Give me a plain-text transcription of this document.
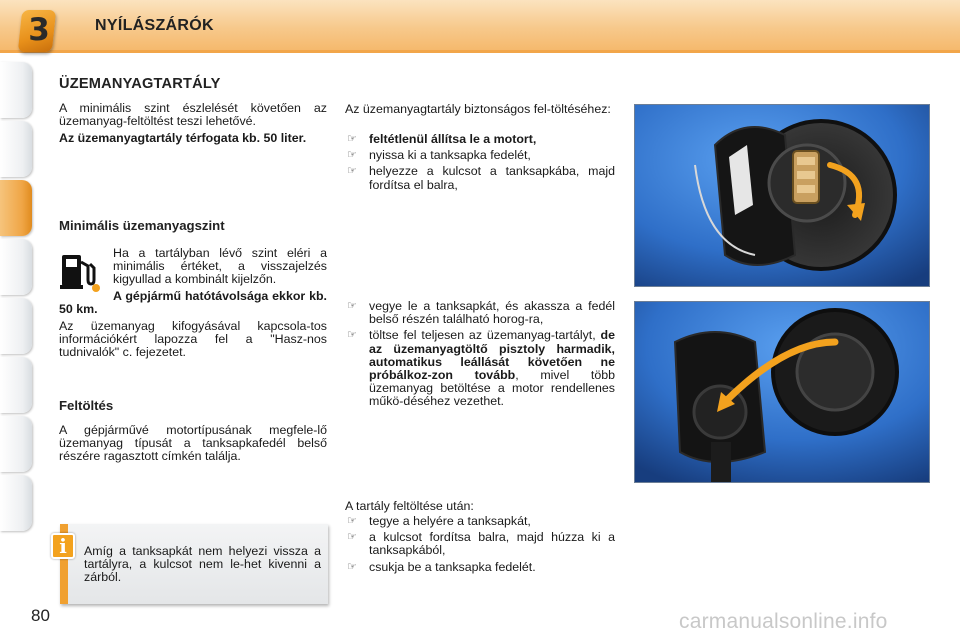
3	NYÍLÁSZÁRÓK
ÜZEMANYAGTARTÁLY
A minimális szint észlelését követően az üzemanyag-feltöltést teszi lehetővé.
Az üzemanyagtartály térfogata kb. 50 liter.
Minimális üzemanyagszint
Ha a tartályban lévő szint eléri a minimális értéket, a visszajelzés kigyullad a kombinált kijelzőn.
A gépjármű hatótávolsága ekkor kb. 50 km.
Az üzemanyag kifogyásával kapcsola-tos információkért lapozza fel a "Hasz-nos tudnivalók" c. fejezetet.
Feltöltés
A gépjárművé motortípusának megfele-lő üzemanyag típusát a tanksapkafedél belső részére ragasztott címkén találja.
i	Amíg a tanksapkát nem helyezi vissza a tartályra, a kulcsot nem le-het kivenni a zárból.
Az üzemanyagtartály biztonságos fel-töltéséhez:
☞ feltétlenül állítsa le a motort,
☞ nyissa ki a tanksapka fedelét,
☞ helyezze a kulcsot a tanksapkába, majd fordítsa el balra,
☞ vegye le a tanksapkát, és akassza a fedél belső részén található horog-ra,
☞ töltse fel teljesen az üzemanyag-tartályt, de az üzemanyagtöltő pisztoly harmadik, automatikus leállását követően ne próbálkoz-zon tovább, mivel több üzemanyag betöltése a motor rendellenes műkö-déséhez vezethet.
A tartály feltöltése után:
☞ tegye a helyére a tanksapkát,
☞ a kulcsot fordítsa balra, majd húzza ki a tanksapkából,
☞ csukja be a tanksapka fedelét.
80	carmanualsonline.info
